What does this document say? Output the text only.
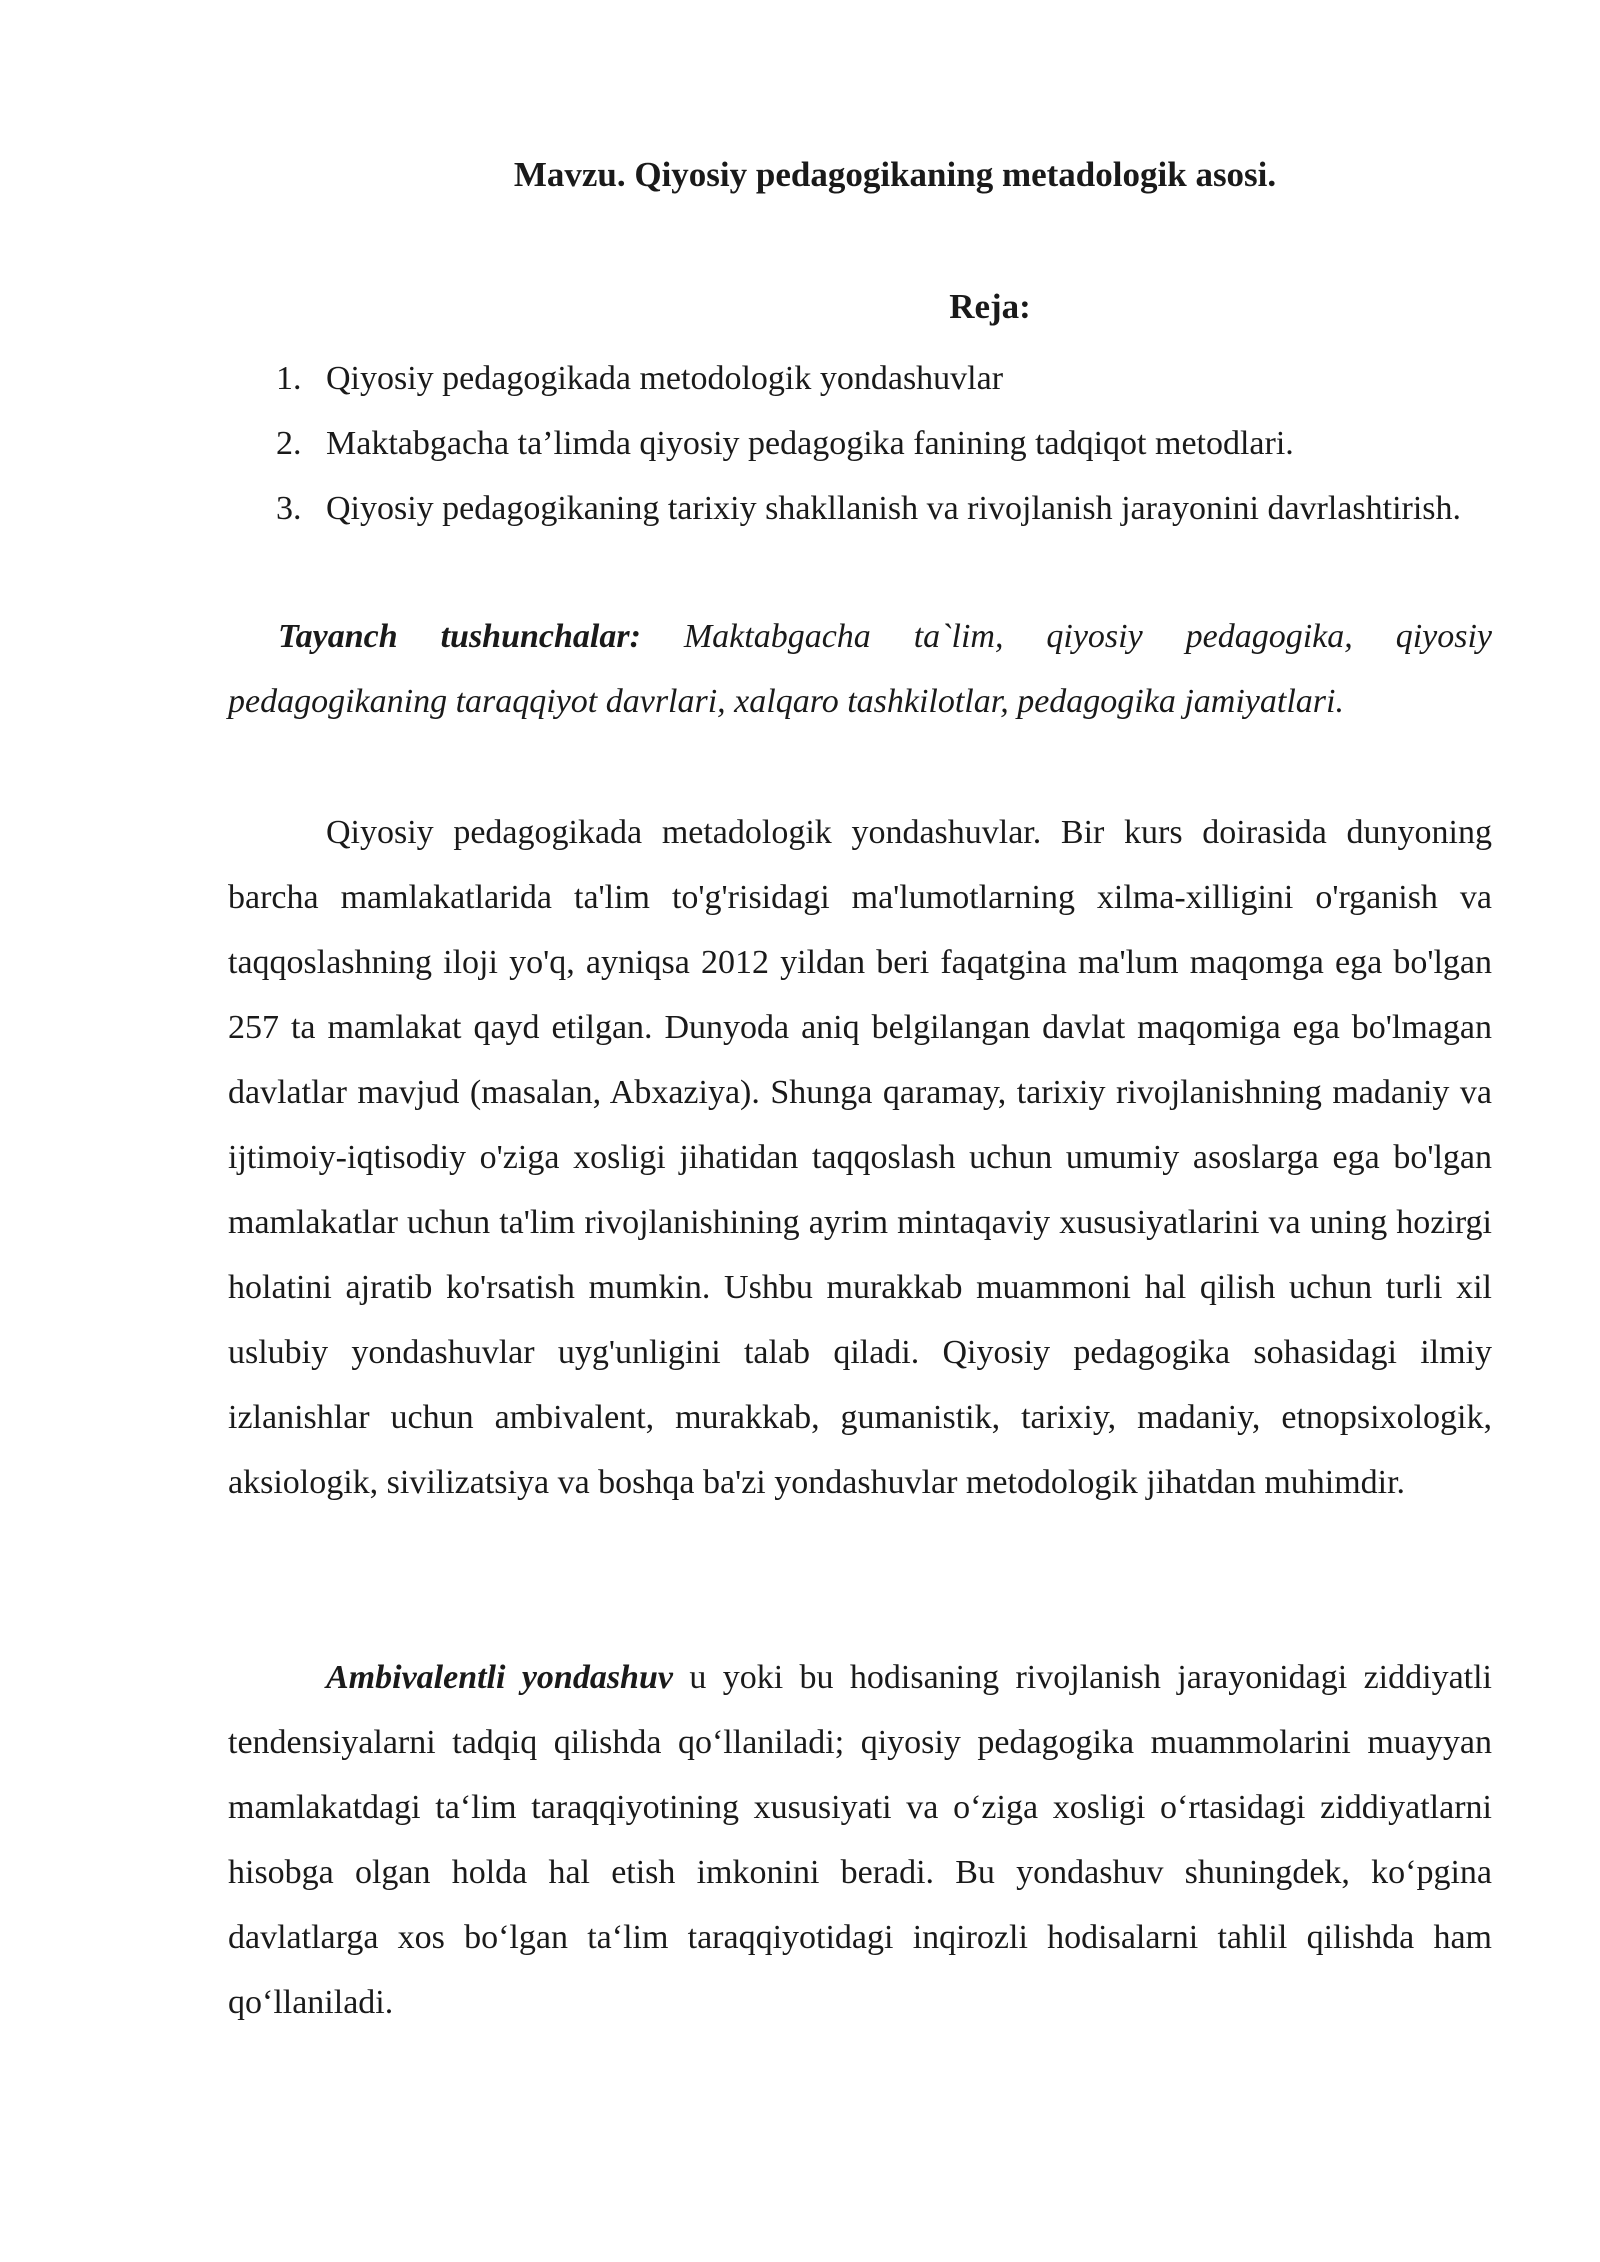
Mavzu. Qiyosiy pedagogikaning metadologik asosi.
Reja:
1. Qiyosiy pedagogikada metodologik yondashuvlar
2. Maktabgacha ta’limda qiyosiy pedagogika fanining tadqiqot metodlari.
3. Qiyosiy pedagogikaning tarixiy shakllanish va rivojlanish jarayonini davrlashtirish.

Tayanch tushunchalar: Maktabgacha ta`lim, qiyosiy pedagogika, qiyosiy pedagogikaning taraqqiyot davrlari, xalqaro tashkilotlar, pedagogika jamiyatlari.

Qiyosiy pedagogikada metadologik yondashuvlar. Bir kurs doirasida dunyoning barcha mamlakatlarida ta'lim to'g'risidagi ma'lumotlarning xilma-xilligini o'rganish va taqqoslashning iloji yo'q, ayniqsa 2012 yildan beri faqatgina ma'lum maqomga ega bo'lgan 257 ta mamlakat qayd etilgan. Dunyoda aniq belgilangan davlat maqomiga ega bo'lmagan davlatlar mavjud (masalan, Abxaziya). Shunga qaramay, tarixiy rivojlanishning madaniy va ijtimoiy-iqtisodiy o'ziga xosligi jihatidan taqqoslash uchun umumiy asoslarga ega bo'lgan mamlakatlar uchun ta'lim rivojlanishining ayrim mintaqaviy xususiyatlarini va uning hozirgi holatini ajratib ko'rsatish mumkin. Ushbu murakkab muammoni hal qilish uchun turli xil uslubiy yondashuvlar uyg'unligini talab qiladi. Qiyosiy pedagogika sohasidagi ilmiy izlanishlar uchun ambivalent, murakkab, gumanistik, tarixiy, madaniy, etnopsixologik, aksiologik, sivilizatsiya va boshqa ba'zi yondashuvlar metodologik jihatdan muhimdir.

Ambivalentli yondashuv u yoki bu hodisaning rivojlanish jarayonidagi ziddiyatli tendensiyalarni tadqiq qilishda qo‘llaniladi; qiyosiy pedagogika muammolarini muayyan mamlakatdagi ta‘lim taraqqiyotining xususiyati va o‘ziga xosligi o‘rtasidagi ziddiyatlarni hisobga olgan holda hal etish imkonini beradi. Bu yondashuv shuningdek, ko‘pgina davlatlarga xos bo‘lgan ta‘lim taraqqiyotidagi inqirozli hodisalarni tahlil qilishda ham qo‘llaniladi.
